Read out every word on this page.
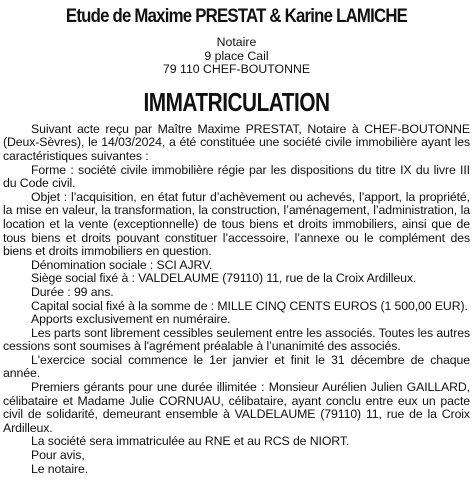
Etude de Maxime PRESTAT & Karine LAMICHE
Notaire
9 place Cail
79 110 CHEF-BOUTONNE
IMMATRICULATION

Suivant acte reçu par Maître Maxime PRESTAT, Notaire à CHEF-BOUTONNE (Deux-Sèvres), le 14/03/2024, a été constituée une société civile immobilière ayant les caractéristiques suivantes :

Forme : société civile immobilière régie par les dispositions du titre IX du livre III du Code civil.

Objet : l’acquisition, en état futur d’achèvement ou achevés, l’apport, la propriété, la mise en valeur, la transformation, la construction, l’aménagement, l’administration, la location et la vente (exceptionnelle) de tous biens et droits immobiliers, ainsi que de tous biens et droits pouvant constituer l’accessoire, l’annexe ou le complément des biens et droits immobiliers en question.

Dénomination sociale : SCI AJRV.

Siège social fixé à : VALDELAUME (79110) 11, rue de la Croix Ardilleux.

Durée : 99 ans.

Capital social fixé à la somme de : MILLE CINQ CENTS EUROS (1 500,00 EUR).

Apports exclusivement en numéraire.

Les parts sont librement cessibles seulement entre les associés. Toutes les autres cessions sont soumises à l'agrément préalable à l’unanimité des associés.

L'exercice social commence le 1er janvier et finit le 31 décembre de chaque année.

Premiers gérants pour une durée illimitée : Monsieur Aurélien Julien GAILLARD, célibataire et Madame Julie CORNUAU, célibataire, ayant conclu entre eux un pacte civil de solidarité, demeurant ensemble à VALDELAUME (79110) 11, rue de la Croix Ardilleux.

La société sera immatriculée au RNE et au RCS de NIORT.

Pour avis,

Le notaire.
